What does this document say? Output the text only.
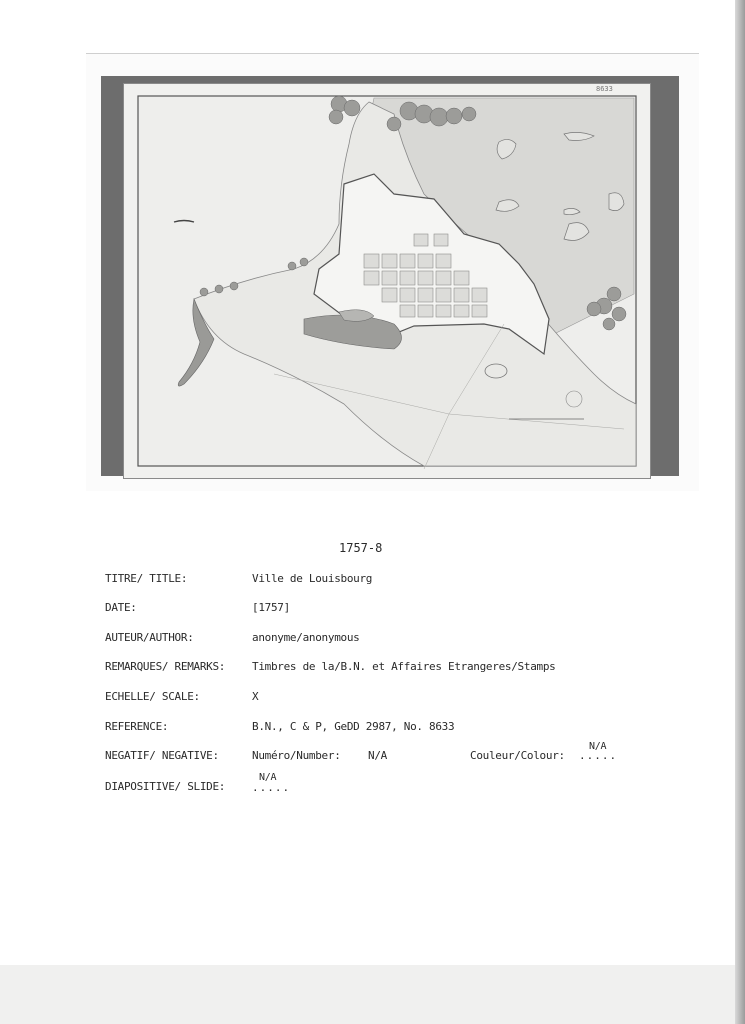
8633
1757-8
TITRE/ TITLE:	Ville de Louisbourg
DATE:	[1757]
AUTEUR/AUTHOR:	anonyme/anonymous
REMARQUES/ REMARKS: Timbres de la/B.N. et Affaires Etrangeres/Stamps
ECHELLE/ SCALE:	X
REFERENCE:	B.N., C & P, GeDD 2987, No. 8633
NEGATIF/ NEGATIVE:	Numéro/Number: N/A	Couleur/Colour:
N/A
.....
DIAPOSITIVE/ SLIDE:
N/A
.....
